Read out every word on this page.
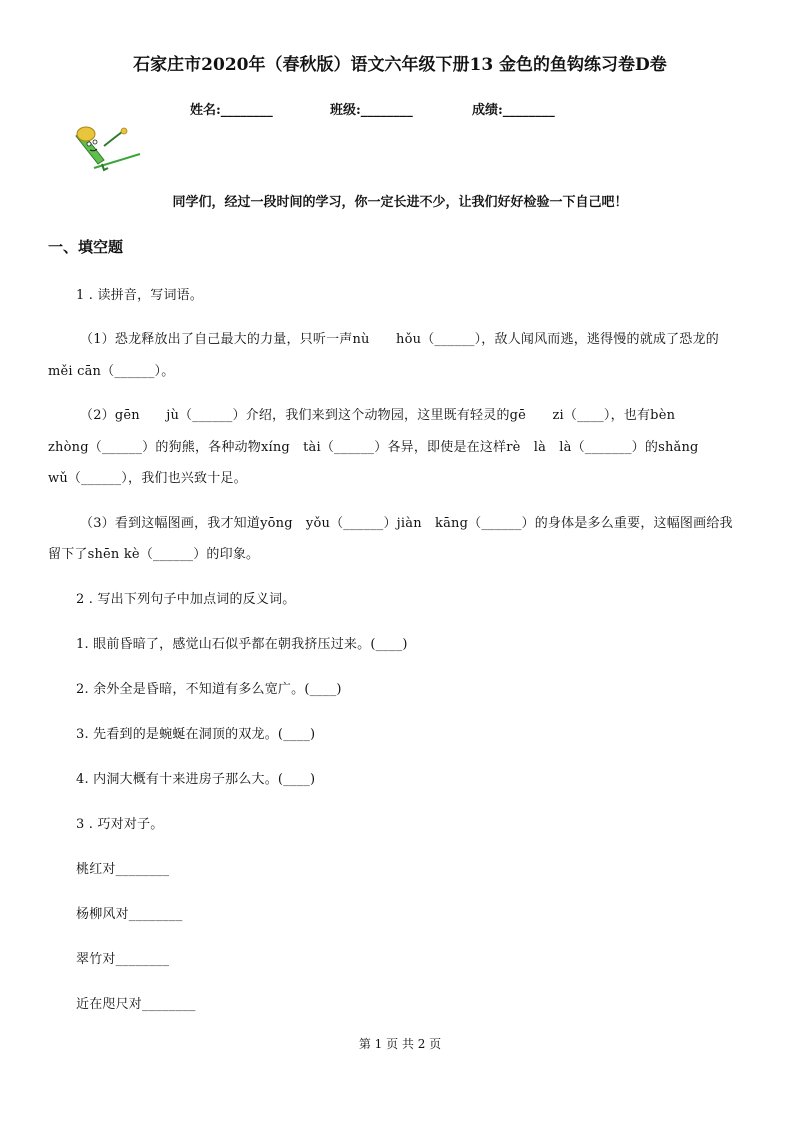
石家庄市2020年（春秋版）语文六年级下册13 金色的鱼钩练习卷D卷
姓名:________	班级:________	成绩:________
同学们，经过一段时间的学习，你一定长进不少，让我们好好检验一下自己吧！
一、填空题
1 . 读拼音，写词语。
（1）恐龙释放出了自己最大的力量，只听一声nù　　hǒu（______），敌人闻风而逃，逃得慢的就成了恐龙的
měi cān（______）。
（2）gēn　　jù（______）介绍，我们来到这个动物园，这里既有轻灵的gē　　zi（____），也有bèn
zhòng（______）的狗熊，各种动物xíng　tài（______）各异，即使是在这样rè　là　là（_______）的shǎng
wǔ（______），我们也兴致十足。
（3）看到这幅图画，我才知道yōng　yǒu（______）jiàn　kāng（______）的身体是多么重要，这幅图画给我
留下了shēn kè（______）的印象。
2 . 写出下列句子中加点词的反义词。
1. 眼前昏暗了，感觉山石似乎都在朝我挤压过来。(____)
2. 余外全是昏暗，不知道有多么宽广。(____)
3. 先看到的是蜿蜒在洞顶的双龙。(____)
4. 内洞大概有十来进房子那么大。(____)
3 . 巧对对子。
桃红对________
杨柳风对________
翠竹对________
近在咫尺对________
第 1 页 共 2 页
